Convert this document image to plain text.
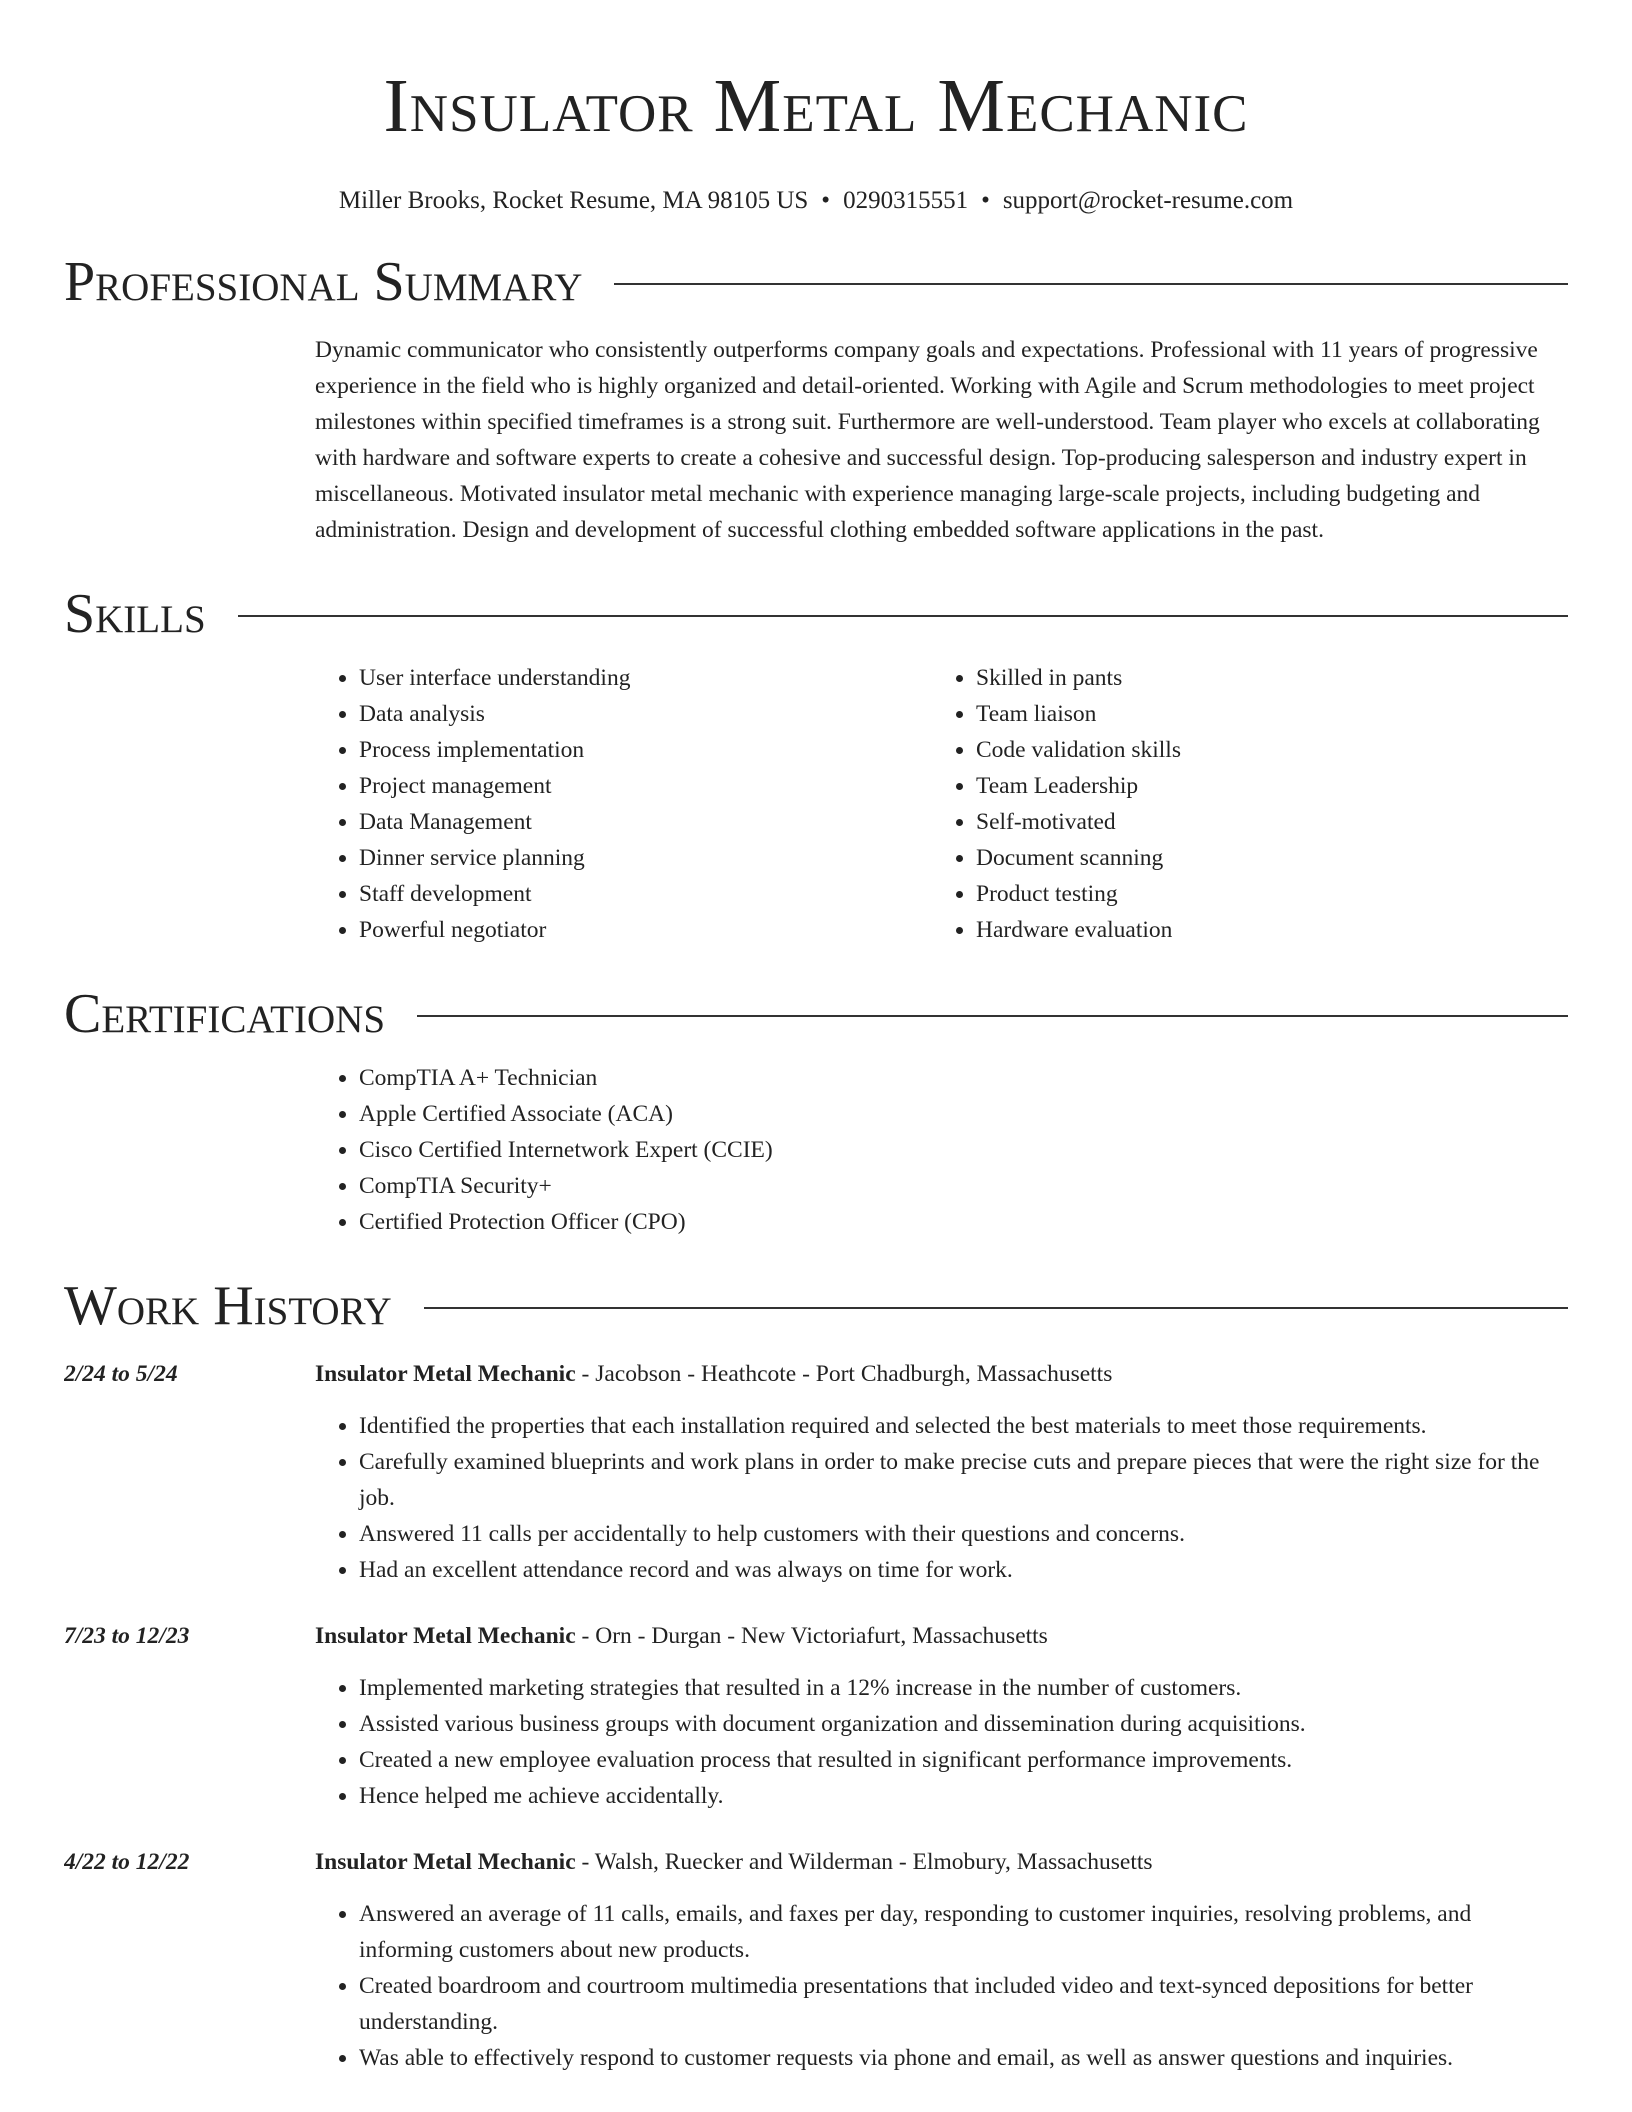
Insulator Metal Mechanic
Miller Brooks, Rocket Resume, MA 98105 US • 0290315551 • support@rocket-resume.com
Professional Summary

Dynamic communicator who consistently outperforms company goals and expectations. Professional with 11 years of progressive experience in the field who is highly organized and detail-oriented. Working with Agile and Scrum methodologies to meet project milestones within specified timeframes is a strong suit. Furthermore are well-understood. Team player who excels at collaborating with hardware and software experts to create a cohesive and successful design. Top-producing salesperson and industry expert in miscellaneous. Motivated insulator metal mechanic with experience managing large-scale projects, including budgeting and administration. Design and development of successful clothing embedded software applications in the past.

Skills
• User interface understanding
• Data analysis
• Process implementation
• Project management
• Data Management
• Dinner service planning
• Staff development
• Powerful negotiator
• Skilled in pants
• Team liaison
• Code validation skills
• Team Leadership
• Self-motivated
• Document scanning
• Product testing
• Hardware evaluation
Certifications
• CompTIA A+ Technician
• Apple Certified Associate (ACA)
• Cisco Certified Internetwork Expert (CCIE)
• CompTIA Security+
• Certified Protection Officer (CPO)
Work History
2/24 to 5/24	Insulator Metal Mechanic - Jacobson - Heathcote - Port Chadburgh, Massachusetts
• Identified the properties that each installation required and selected the best materials to meet those requirements.
• Carefully examined blueprints and work plans in order to make precise cuts and prepare pieces that were the right size for the job.
• Answered 11 calls per accidentally to help customers with their questions and concerns.
• Had an excellent attendance record and was always on time for work.
7/23 to 12/23	Insulator Metal Mechanic - Orn - Durgan - New Victoriafurt, Massachusetts
• Implemented marketing strategies that resulted in a 12% increase in the number of customers.
• Assisted various business groups with document organization and dissemination during acquisitions.
• Created a new employee evaluation process that resulted in significant performance improvements.
• Hence helped me achieve accidentally.
4/22 to 12/22	Insulator Metal Mechanic - Walsh, Ruecker and Wilderman - Elmobury, Massachusetts
• Answered an average of 11 calls, emails, and faxes per day, responding to customer inquiries, resolving problems, and informing customers about new products.
• Created boardroom and courtroom multimedia presentations that included video and text-synced depositions for better understanding.
• Was able to effectively respond to customer requests via phone and email, as well as answer questions and inquiries.
